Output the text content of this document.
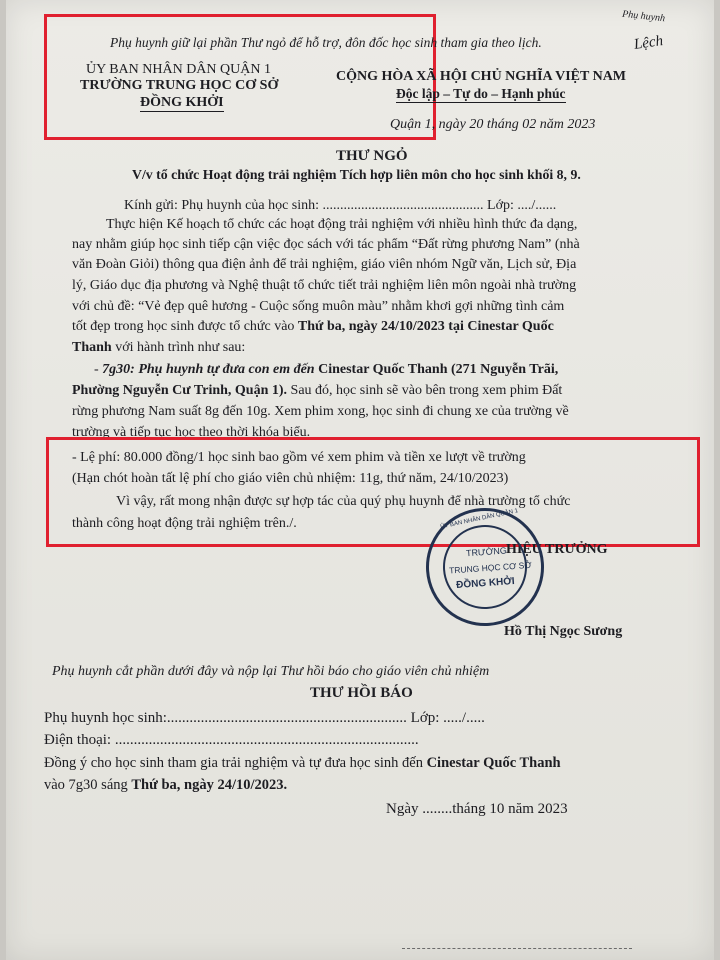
Phụ huynh giữ lại phần Thư ngỏ để hỗ trợ, đôn đốc học sinh tham gia theo lịch.
Phụ huynh
Lệch
ỦY BAN NHÂN DÂN QUẬN 1
TRƯỜNG TRUNG HỌC CƠ SỞ
ĐỒNG KHỞI
CỘNG HÒA XÃ HỘI CHỦ NGHĨA VIỆT NAM
Độc lập – Tự do – Hạnh phúc
Quận 1, ngày 20 tháng 02 năm 2023
THƯ NGỎ
V/v tổ chức Hoạt động trải nghiệm Tích hợp liên môn cho học sinh khối 8, 9.
Kính gửi: Phụ huynh của học sinh: .............................................. Lớp: ..../......
Thực hiện Kế hoạch tổ chức các hoạt động trải nghiệm với nhiều hình thức đa dạng,
nay nhằm giúp học sinh tiếp cận việc đọc sách với tác phẩm “Đất rừng phương Nam” (nhà
văn Đoàn Giỏi) thông qua điện ảnh để trải nghiệm, giáo viên nhóm Ngữ văn, Lịch sử, Địa
lý, Giáo dục địa phương và Nghệ thuật tổ chức tiết trải nghiệm liên môn ngoài nhà trường
với chủ đề: “Vẻ đẹp quê hương - Cuộc sống muôn màu” nhằm khơi gợi những tình cảm
tốt đẹp trong học sinh được tổ chức vào Thứ ba, ngày 24/10/2023 tại Cinestar Quốc
Thanh với hành trình như sau:
- 7g30: Phụ huynh tự đưa con em đến Cinestar Quốc Thanh (271 Nguyễn Trãi,
Phường Nguyễn Cư Trinh, Quận 1). Sau đó, học sinh sẽ vào bên trong xem phim Đất
rừng phương Nam suất 8g đến 10g. Xem phim xong, học sinh đi chung xe của trường về
trường và tiếp tục học theo thời khóa biểu.
- Lệ phí: 80.000 đồng/1 học sinh bao gồm vé xem phim và tiền xe lượt về trường
(Hạn chót hoàn tất lệ phí cho giáo viên chủ nhiệm: 11g, thứ năm, 24/10/2023)
Vì vậy, rất mong nhận được sự hợp tác của quý phụ huynh để nhà trường tổ chức
thành công hoạt động trải nghiệm trên./.
HIỆU TRƯỞNG
ỦY BAN NHÂN DÂN QUẬN 1
TRƯỜNG
TRUNG HỌC CƠ SỞ
ĐỒNG KHỞI
Hồ Thị Ngọc Sương
Phụ huynh cắt phần dưới đây và nộp lại Thư hồi báo cho giáo viên chủ nhiệm
THƯ HỒI BÁO
Phụ huynh học sinh:................................................................ Lớp: ...../.....
Điện thoại: .................................................................................
Đồng ý cho học sinh tham gia trải nghiệm và tự đưa học sinh đến Cinestar Quốc Thanh
vào 7g30 sáng Thứ ba, ngày 24/10/2023.
Ngày ........tháng 10 năm 2023
